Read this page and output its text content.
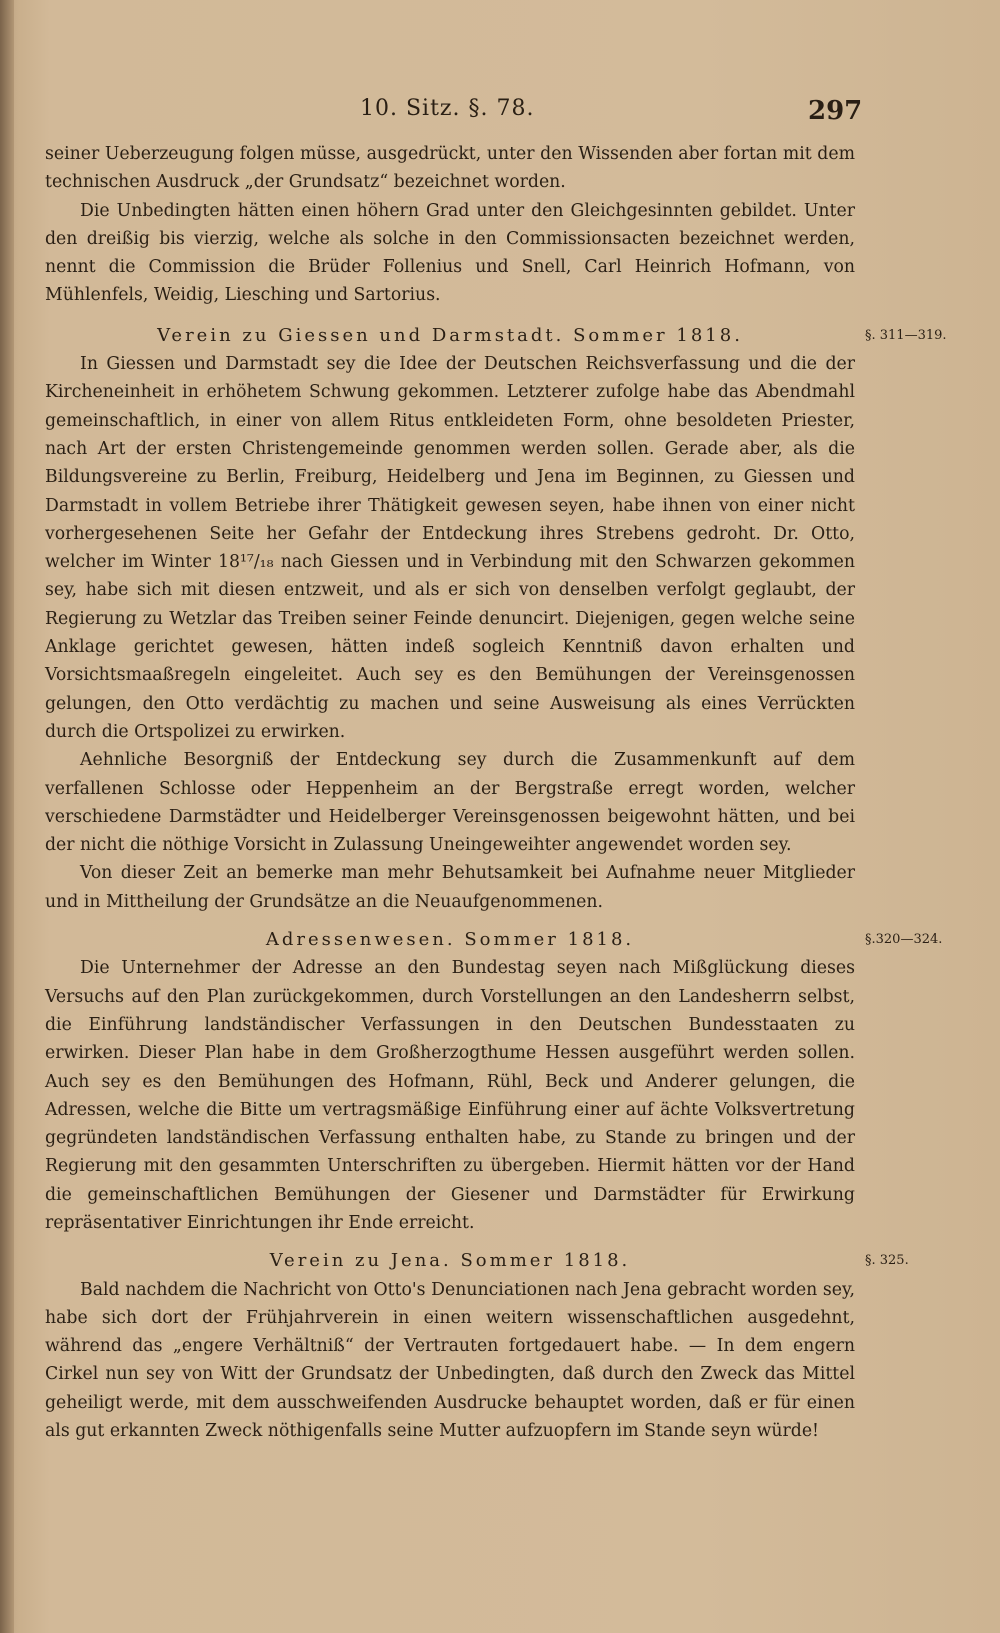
10. Sitz. §. 78.	297

seiner Ueberzeugung folgen müsse, ausgedrückt, unter den Wissenden aber fortan mit dem technischen Ausdruck „der Grundsatz“ bezeichnet worden.

Die Unbedingten hätten einen höhern Grad unter den Gleichgesinnten gebildet. Unter den dreißig bis vierzig, welche als solche in den Commissionsacten bezeichnet werden, nennt die Commission die Brüder Follenius und Snell, Carl Heinrich Hofmann, von Mühlenfels, Weidig, Liesching und Sartorius.

Verein zu Giessen und Darmstadt. Sommer 1818.	§. 311—319.

In Giessen und Darmstadt sey die Idee der Deutschen Reichsverfassung und die der Kircheneinheit in erhöhetem Schwung gekommen. Letzterer zufolge habe das Abendmahl gemeinschaftlich, in einer von allem Ritus entkleideten Form, ohne besoldeten Priester, nach Art der ersten Christengemeinde genommen werden sollen. Gerade aber, als die Bildungsvereine zu Berlin, Freiburg, Heidelberg und Jena im Beginnen, zu Giessen und Darmstadt in vollem Betriebe ihrer Thätigkeit gewesen seyen, habe ihnen von einer nicht vorhergesehenen Seite her Gefahr der Entdeckung ihres Strebens gedroht. Dr. Otto, welcher im Winter 18¹⁷/₁₈ nach Giessen und in Verbindung mit den Schwarzen gekommen sey, habe sich mit diesen entzweit, und als er sich von denselben verfolgt geglaubt, der Regierung zu Wetzlar das Treiben seiner Feinde denuncirt. Diejenigen, gegen welche seine Anklage gerichtet gewesen, hätten indeß sogleich Kenntniß davon erhalten und Vorsichtsmaaßregeln eingeleitet. Auch sey es den Bemühungen der Vereinsgenossen gelungen, den Otto verdächtig zu machen und seine Ausweisung als eines Verrückten durch die Ortspolizei zu erwirken.

Aehnliche Besorgniß der Entdeckung sey durch die Zusammenkunft auf dem verfallenen Schlosse oder Heppenheim an der Bergstraße erregt worden, welcher verschiedene Darmstädter und Heidelberger Vereinsgenossen beigewohnt hätten, und bei der nicht die nöthige Vorsicht in Zulassung Uneingeweihter angewendet worden sey.

Von dieser Zeit an bemerke man mehr Behutsamkeit bei Aufnahme neuer Mitglieder und in Mittheilung der Grundsätze an die Neuaufgenommenen.

Adressenwesen. Sommer 1818.	§.320—324.

Die Unternehmer der Adresse an den Bundestag seyen nach Mißglückung dieses Versuchs auf den Plan zurückgekommen, durch Vorstellungen an den Landesherrn selbst, die Einführung landständischer Verfassungen in den Deutschen Bundesstaaten zu erwirken. Dieser Plan habe in dem Großherzogthume Hessen ausgeführt werden sollen. Auch sey es den Bemühungen des Hofmann, Rühl, Beck und Anderer gelungen, die Adressen, welche die Bitte um vertragsmäßige Einführung einer auf ächte Volksvertretung gegründeten landständischen Verfassung enthalten habe, zu Stande zu bringen und der Regierung mit den gesammten Unterschriften zu übergeben. Hiermit hätten vor der Hand die gemeinschaftlichen Bemühungen der Giesener und Darmstädter für Erwirkung repräsentativer Einrichtungen ihr Ende erreicht.

Verein zu Jena. Sommer 1818.	§. 325.

Bald nachdem die Nachricht von Otto's Denunciationen nach Jena gebracht worden sey, habe sich dort der Frühjahrverein in einen weitern wissenschaftlichen ausgedehnt, während das „engere Verhältniß“ der Vertrauten fortgedauert habe. — In dem engern Cirkel nun sey von Witt der Grundsatz der Unbedingten, daß durch den Zweck das Mittel geheiligt werde, mit dem ausschweifenden Ausdrucke behauptet worden, daß er für einen als gut erkannten Zweck nöthigenfalls seine Mutter aufzuopfern im Stande seyn würde!
